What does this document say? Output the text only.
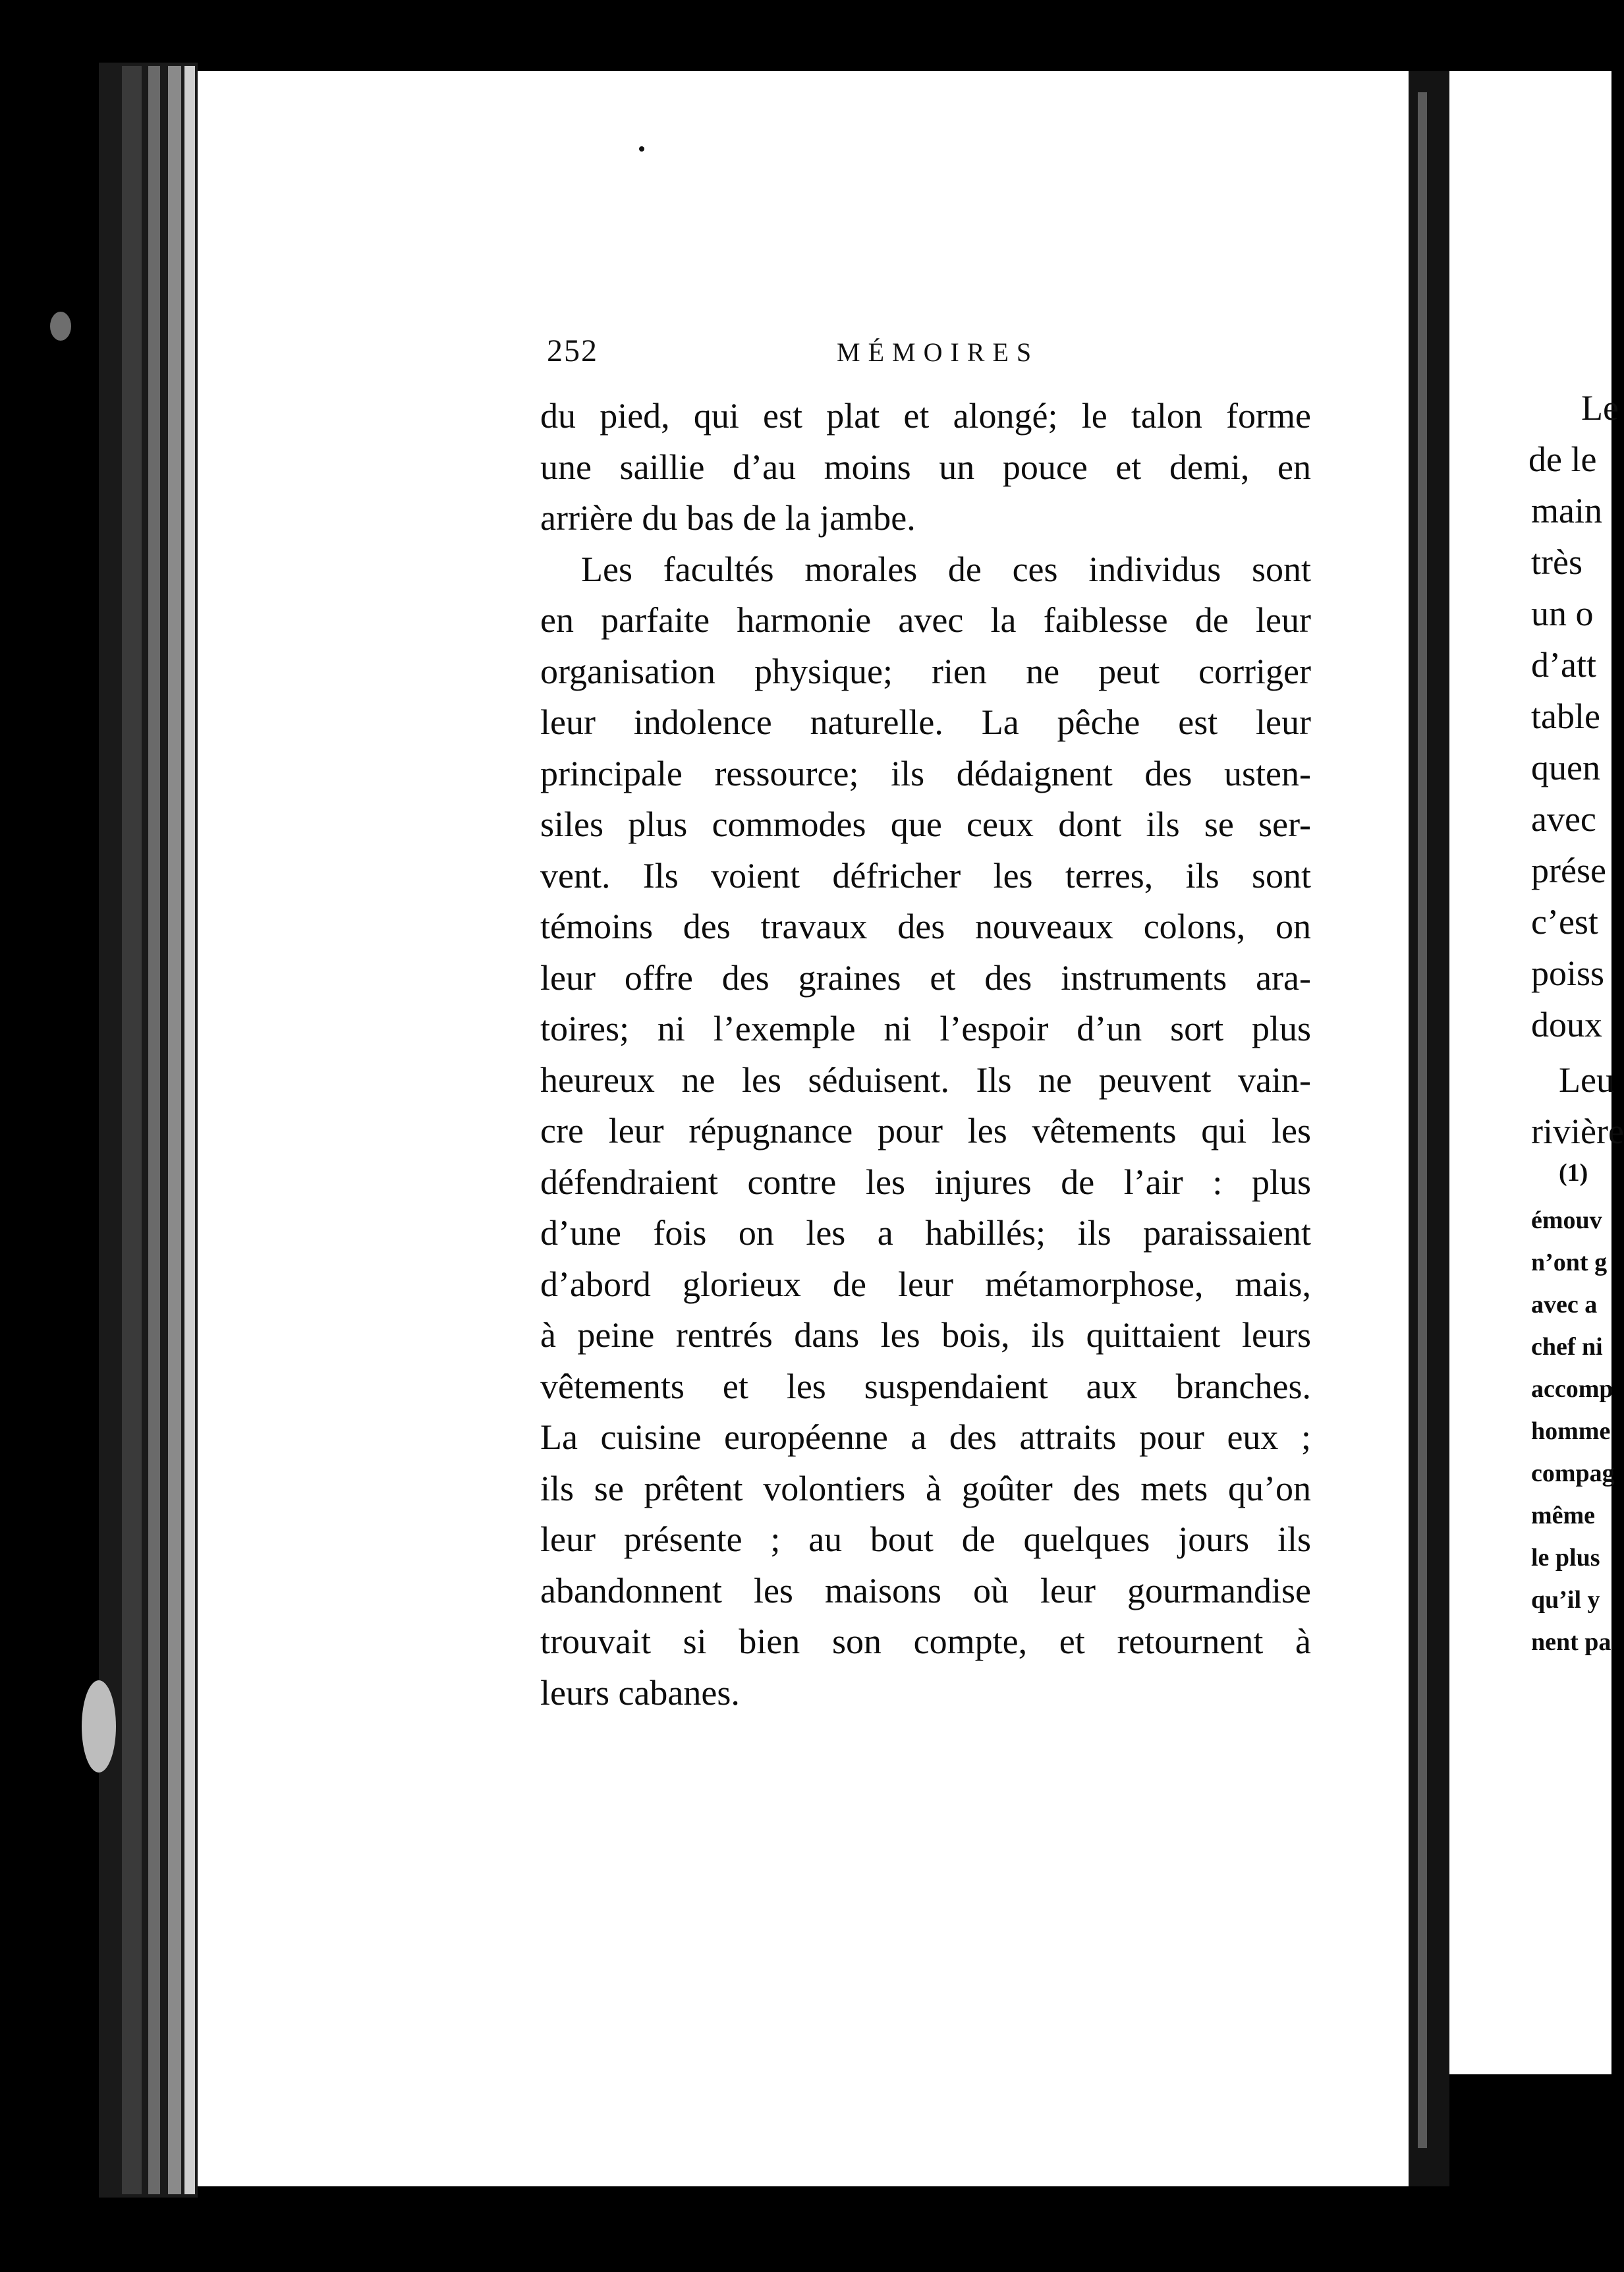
252	MÉMOIRES
du pied, qui est plat et alongé; le talon forme
une saillie d’au moins un pouce et demi, en
arrière du bas de la jambe.
Les facultés morales de ces individus sont
en parfaite harmonie avec la faiblesse de leur
organisation physique; rien ne peut corriger
leur indolence naturelle. La pêche est leur
principale ressource; ils dédaignent des usten-
siles plus commodes que ceux dont ils se ser-
vent. Ils voient défricher les terres, ils sont
témoins des travaux des nouveaux colons, on
leur offre des graines et des instruments ara-
toires; ni l’exemple ni l’espoir d’un sort plus
heureux ne les séduisent. Ils ne peuvent vain-
cre leur répugnance pour les vêtements qui les
défendraient contre les injures de l’air : plus
d’une fois on les a habillés; ils paraissaient
d’abord glorieux de leur métamorphose, mais,
à peine rentrés dans les bois, ils quittaient leurs
vêtements et les suspendaient aux branches.
La cuisine européenne a des attraits pour eux ;
ils se prêtent volontiers à goûter des mets qu’on
leur présente ; au bout de quelques jours ils
abandonnent les maisons où leur gourmandise
trouvait si bien son compte, et retournent à
leurs cabanes.
Le
de le
main
très
un o
d’att
table
quen
avec
prése
c’est
poiss
doux
Leu
rivière
(1)
émouv
n’ont g
avec a
chef ni
accomp
homme
compag
même
le plus
qu’il y
nent pa
